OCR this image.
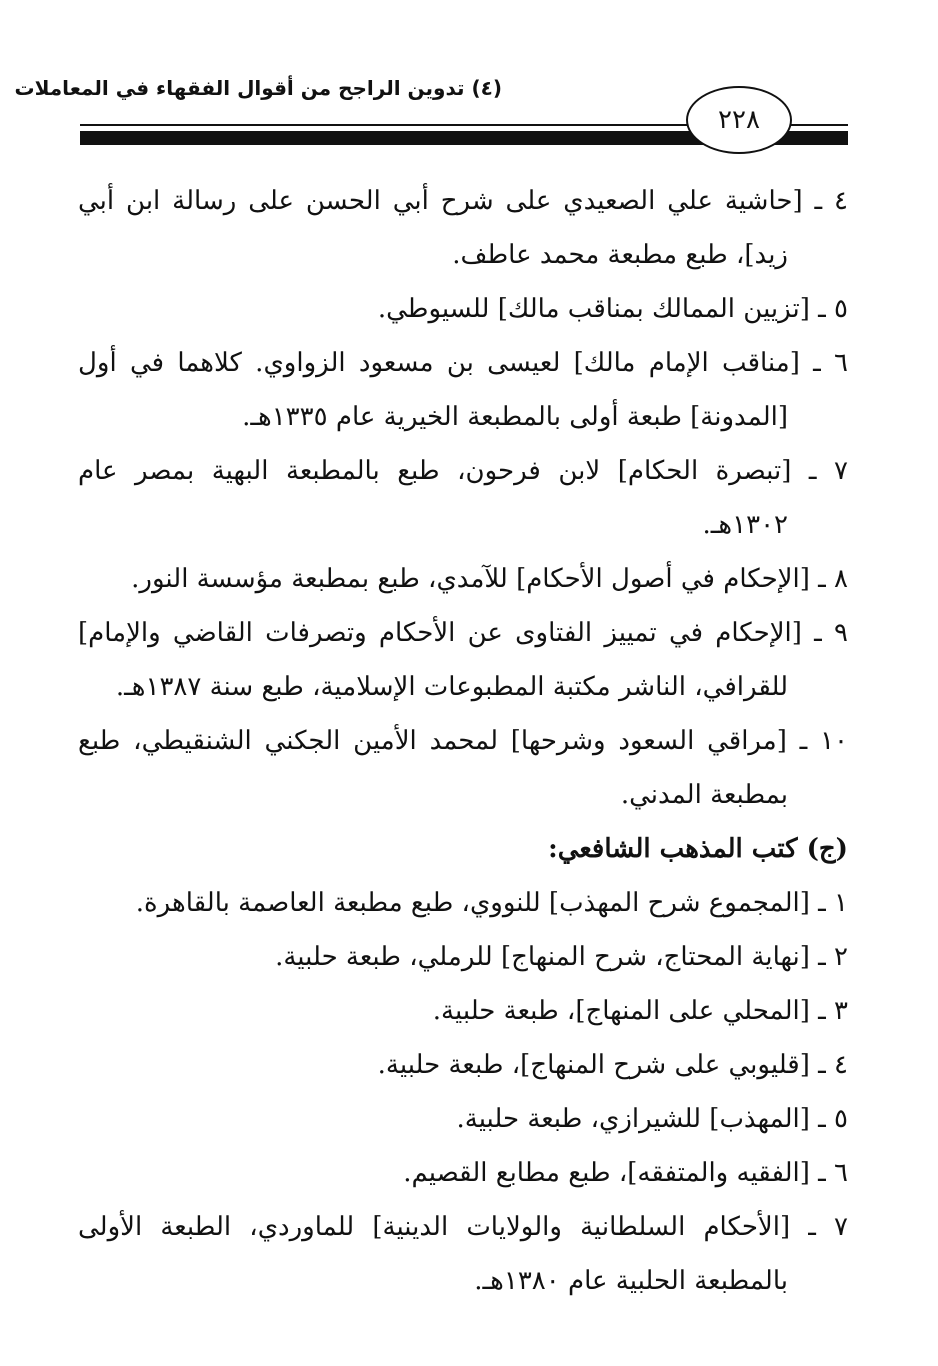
(٤) تدوين الراجح من أقوال الفقهاء في المعاملات
٢٢٨
٤ ـ [حاشية علي الصعيدي على شرح أبي الحسن على رسالة ابن أبي
زيد]، طبع مطبعة محمد عاطف.
٥ ـ [تزيين الممالك بمناقب مالك] للسيوطي.
٦ ـ [مناقب الإمام مالك] لعيسى بن مسعود الزواوي. كلاهما في أول
[المدونة] طبعة أولى بالمطبعة الخيرية عام ١٣٣٥هـ.
٧ ـ [تبصرة الحكام] لابن فرحون، طبع بالمطبعة البهية بمصر عام
١٣٠٢هـ.
٨ ـ [الإحكام في أصول الأحكام] للآمدي، طبع بمطبعة مؤسسة النور.
٩ ـ [الإحكام في تمييز الفتاوى عن الأحكام وتصرفات القاضي والإمام]
للقرافي، الناشر مكتبة المطبوعات الإسلامية، طبع سنة ١٣٨٧هـ.
١٠ ـ [مراقي السعود وشرحها] لمحمد الأمين الجكني الشنقيطي، طبع
بمطبعة المدني.
(ج) كتب المذهب الشافعي:
١ ـ [المجموع شرح المهذب] للنووي، طبع مطبعة العاصمة بالقاهرة.
٢ ـ [نهاية المحتاج، شرح المنهاج] للرملي، طبعة حلبية.
٣ ـ [المحلي على المنهاج]، طبعة حلبية.
٤ ـ [قليوبي على شرح المنهاج]، طبعة حلبية.
٥ ـ [المهذب] للشيرازي، طبعة حلبية.
٦ ـ [الفقيه والمتفقه]، طبع مطابع القصيم.
٧ ـ [الأحكام السلطانية والولايات الدينية] للماوردي، الطبعة الأولى
بالمطبعة الحلبية عام ١٣٨٠هـ.
